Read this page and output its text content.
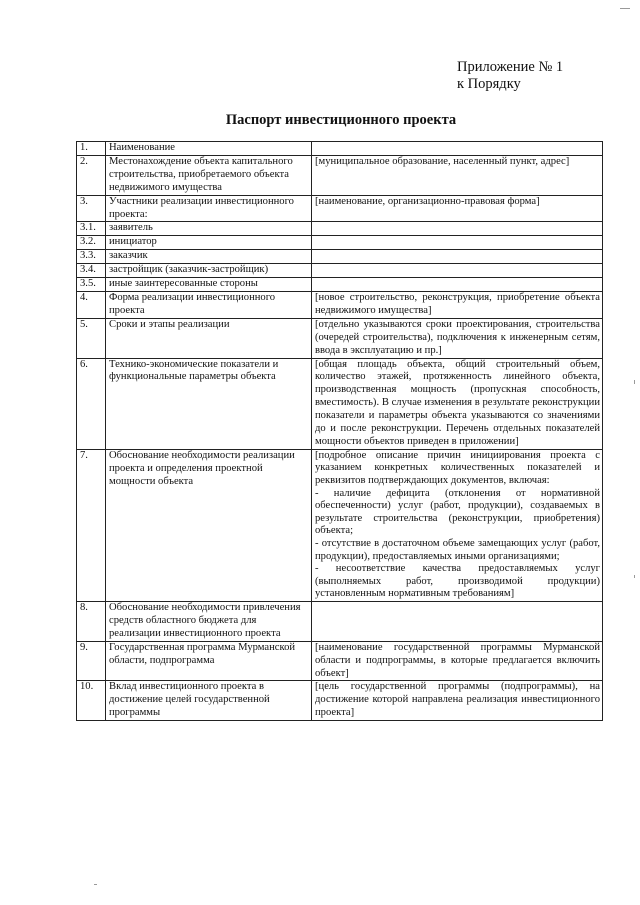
Приложение № 1
к Порядку
Паспорт инвестиционного проекта
1.	Наименование	
2.	Местонахождение объекта капитального строительства, приобретаемого объекта недвижимого имущества	[муниципальное образование, населенный пункт, адрес]
3.	Участники реализации инвестиционного проекта:	[наименование, организационно-правовая форма]
3.1.	заявитель	
3.2.	инициатор	
3.3.	заказчик	
3.4.	застройщик (заказчик-застройщик)	
3.5.	иные заинтересованные стороны	
4.	Форма реализации инвестиционного проекта	[новое строительство, реконструкция, приобретение объекта недвижимого имущества]
5.	Сроки и этапы реализации	[отдельно указываются сроки проектирования, строительства (очередей строительства), подключения к инженерным сетям, ввода в эксплуатацию и пр.]
6.	Технико-экономические показатели и функциональные параметры объекта	[общая площадь объекта, общий строительный объем, количество этажей, протяженность линейного объекта, производственная мощность (пропускная способность, вместимость). В случае изменения в результате реконструкции показатели и параметры объекта указываются со значениями до и после реконструкции. Перечень отдельных показателей мощности объектов приведен в приложении]
7.	Обоснование необходимости реализации проекта и определения проектной мощности объекта	[подробное описание причин инициирования проекта с указанием конкретных количественных показателей и реквизитов подтверждающих документов, включая:
- наличие дефицита (отклонения от нормативной обеспеченности) услуг (работ, продукции), создаваемых в результате строительства (реконструкции, приобретения) объекта;
- отсутствие в достаточном объеме замещающих услуг (работ, продукции), предоставляемых иными организациями;
- несоответствие качества предоставляемых услуг (выполняемых работ, производимой продукции) установленным нормативным требованиям]

8.	Обоснование необходимости привлечения средств областного бюджета для реализации инвестиционного проекта	
9.	Государственная программа Мурманской области, подпрограмма	[наименование государственной программы Мурманской области и подпрограммы, в которые предлагается включить объект]
10.	Вклад инвестиционного проекта в достижение целей государственной программы	[цель государственной программы (подпрограммы), на достижение которой направлена реализация инвестиционного проекта]
